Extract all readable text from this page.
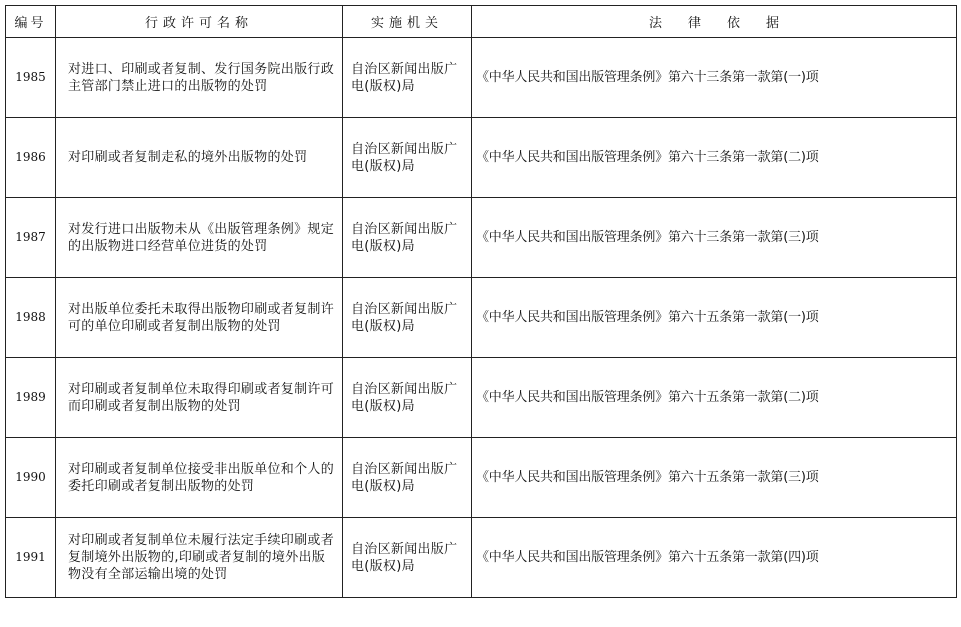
编号	行政许可名称	实施机关	法律依据
1985	对进口、印刷或者复制、发行国务院出版行政主管部门禁止进口的出版物的处罚	自治区新闻出版广电(版权)局	《中华人民共和国出版管理条例》第六十三条第一款第(一)项
1986	对印刷或者复制走私的境外出版物的处罚	自治区新闻出版广电(版权)局	《中华人民共和国出版管理条例》第六十三条第一款第(二)项
1987	对发行进口出版物未从《出版管理条例》规定的出版物进口经营单位进货的处罚	自治区新闻出版广电(版权)局	《中华人民共和国出版管理条例》第六十三条第一款第(三)项
1988	对出版单位委托未取得出版物印刷或者复制许可的单位印刷或者复制出版物的处罚	自治区新闻出版广电(版权)局	《中华人民共和国出版管理条例》第六十五条第一款第(一)项
1989	对印刷或者复制单位未取得印刷或者复制许可而印刷或者复制出版物的处罚	自治区新闻出版广电(版权)局	《中华人民共和国出版管理条例》第六十五条第一款第(二)项
1990	对印刷或者复制单位接受非出版单位和个人的委托印刷或者复制出版物的处罚	自治区新闻出版广电(版权)局	《中华人民共和国出版管理条例》第六十五条第一款第(三)项
1991	对印刷或者复制单位未履行法定手续印刷或者复制境外出版物的,印刷或者复制的境外出版物没有全部运输出境的处罚	自治区新闻出版广电(版权)局	《中华人民共和国出版管理条例》第六十五条第一款第(四)项
